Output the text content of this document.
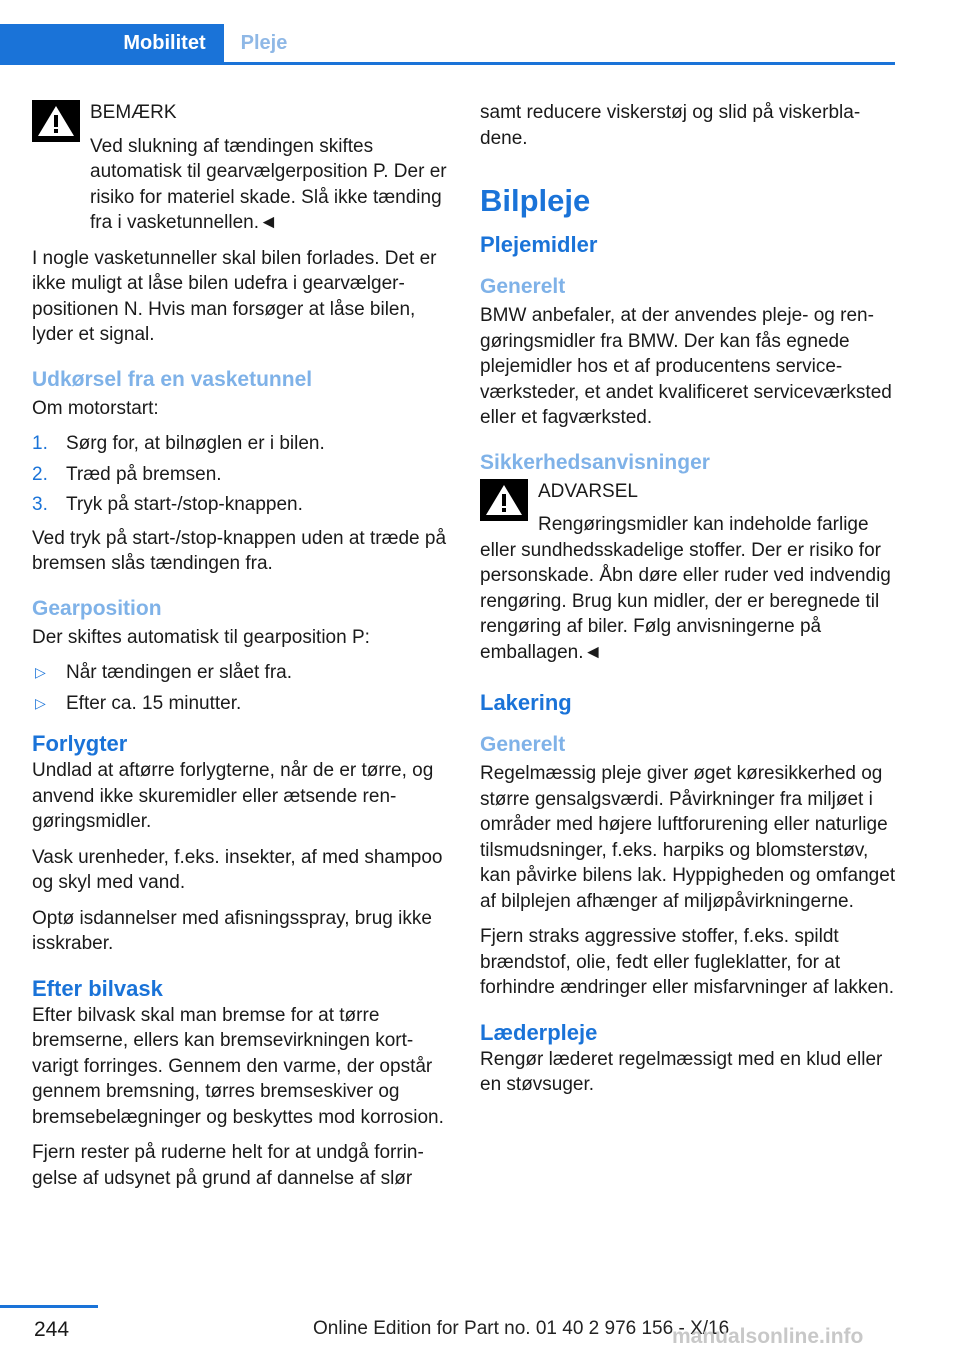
Mobilitet	Pleje
BEMÆRK
Ved slukning af tændingen skiftes automatisk til gearvælgerposition P. Der er risiko for materiel skade. Slå ikke tænding fra i vasketunnellen.◄

I nogle vasketunneller skal bilen forlades. Det er ikke muligt at låse bilen udefra i gearvælgerpositionen N. Hvis man forsøger at låse bilen, lyder et signal.

Udkørsel fra en vasketunnel

Om motorstart:

1. Sørg for, at bilnøglen er i bilen.
2. Træd på bremsen.
3. Tryk på start-/stop-knappen.

Ved tryk på start-/stop-knappen uden at træde på bremsen slås tændingen fra.

Gearposition

Der skiftes automatisk til gearposition P:

▷ Når tændingen er slået fra.
▷ Efter ca. 15 minutter.
Forlygter

Undlad at aftørre forlygterne, når de er tørre, og anvend ikke skuremidler eller ætsende rengøringsmidler.

Vask urenheder, f.eks. insekter, af med shampoo og skyl med vand.

Optø isdannelser med afisningsspray, brug ikke isskraber.

Efter bilvask

Efter bilvask skal man bremse for at tørre bremserne, ellers kan bremsevirkningen kortvarigt forringes. Gennem den varme, der opstår gennem bremsning, tørres bremseskiver og bremsebelægninger og beskyttes mod korrosion.

Fjern rester på ruderne helt for at undgå forringelse af udsynet på grund af dannelse af slør

samt reducere viskerstøj og slid på viskerbladene.

Bilpleje
Plejemidler
Generelt

BMW anbefaler, at der anvendes pleje- og rengøringsmidler fra BMW. Der kan fås egnede plejemidler hos et af producentens serviceværksteder, et andet kvalificeret serviceværksted eller et fagværksted.

Sikkerhedsanvisninger
ADVARSEL
Rengøringsmidler kan indeholde farlige eller sundhedsskadelige stoffer. Der er risiko for personskade. Åbn døre eller ruder ved indvendig rengøring. Brug kun midler, der er beregnede til rengøring af biler. Følg anvisningerne på emballagen.◄
Lakering
Generelt

Regelmæssig pleje giver øget køresikkerhed og større gensalgsværdi. Påvirkninger fra miljøet i områder med højere luftforurening eller naturlige tilsmudsninger, f.eks. harpiks og blomsterstøv, kan påvirke bilens lak. Hyppigheden og omfanget af bilplejen afhænger af miljøpåvirkningerne.

Fjern straks aggressive stoffer, f.eks. spildt brændstof, olie, fedt eller fugleklatter, for at forhindre ændringer eller misfarvninger af lakken.

Læderpleje

Rengør læderet regelmæssigt med en klud eller en støvsuger.

244	Online Edition for Part no. 01 40 2 976 156 - X/16
manualsonline.info
